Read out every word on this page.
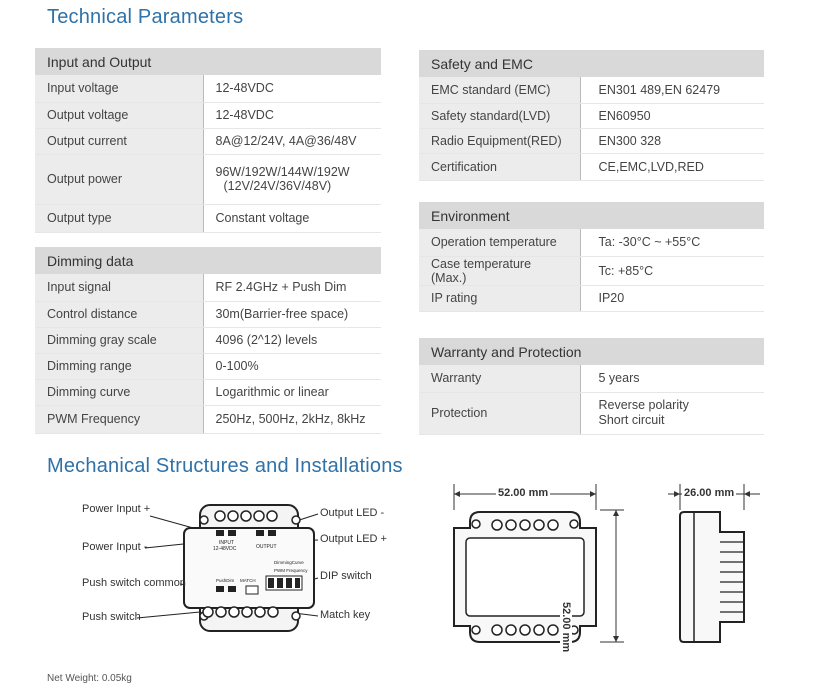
Technical Parameters
Mechanical Structures and Installations
Input and Output	
Input voltage	12-48VDC
Output voltage	12-48VDC
Output current	8A@12/24V, 4A@36/48V
Output power	96W/192W/144W/192W
(12V/24V/36V/48V)

Output type	Constant voltage
Dimming data	
Input signal	RF 2.4GHz + Push Dim
Control distance	30m(Barrier-free space)
Dimming gray scale	4096 (2^12) levels
Dimming range	0-100%
Dimming curve	Logarithmic or linear
PWM Frequency	250Hz, 500Hz, 2kHz, 8kHz
Safety and EMC	
EMC standard (EMC)	EN301 489,EN 62479
Safety standard(LVD)	EN60950
Radio Equipment(RED)	EN300 328
Certification	CE,EMC,LVD,RED
Environment	
Operation temperature	Ta: -30°C ~ +55°C
Case temperature (Max.)	Tc: +85°C
IP rating	IP20
Warranty and Protection	
Warranty	5 years
Protection	Reverse polarity
Short circuit
INPUT
12-48VDC	OUTPUT
DimmingCurve
PWM Frequency
PushDim MATCH
Power Input +
Power Input -
Push switch common
Push switch
Output LED -
Output LED +
DIP switch
Match key
52.00 mm
52.00 mm
26.00 mm
Net Weight: 0.05kg
